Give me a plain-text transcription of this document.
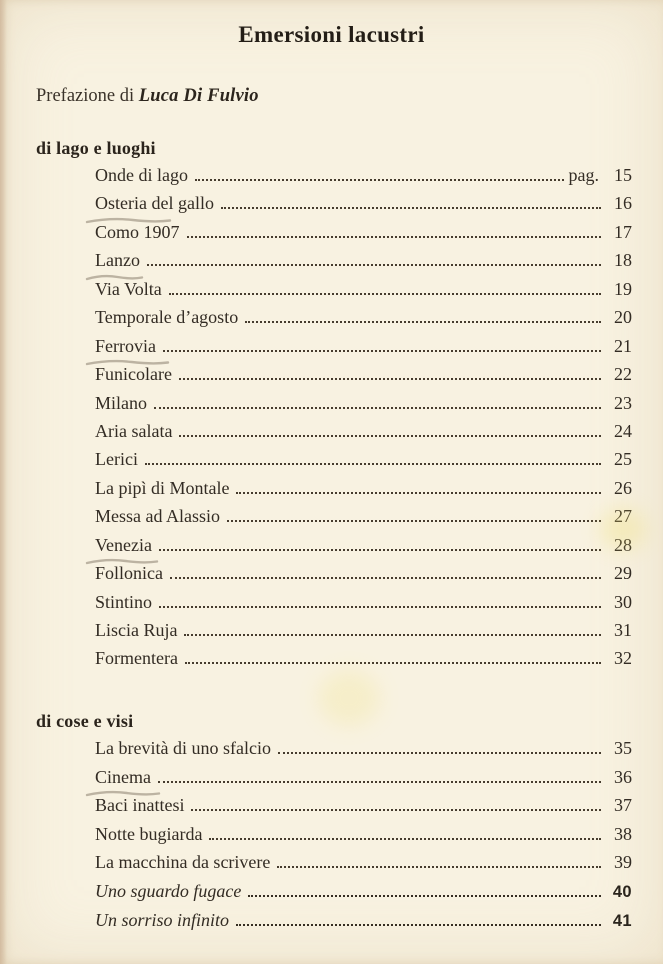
Emersioni lacustri
Prefazione di Luca Di Fulvio
di lago e luoghi
Onde di lago	pag. 15
Osteria del gallo	16
Como 1907	17
Lanzo	18
Via Volta	19
Temporale d’agosto	20
Ferrovia	21
Funicolare	22
Milano	23
Aria salata	24
Lerici	25
La pipì di Montale	26
Messa ad Alassio	27
Venezia	28
Follonica	29
Stintino	30
Liscia Ruja	31
Formentera	32
di cose e visi
La brevità di uno sfalcio	35
Cinema	36
Baci inattesi	37
Notte bugiarda	38
La macchina da scrivere	39
Uno sguardo fugace	40
Un sorriso infinito	41
